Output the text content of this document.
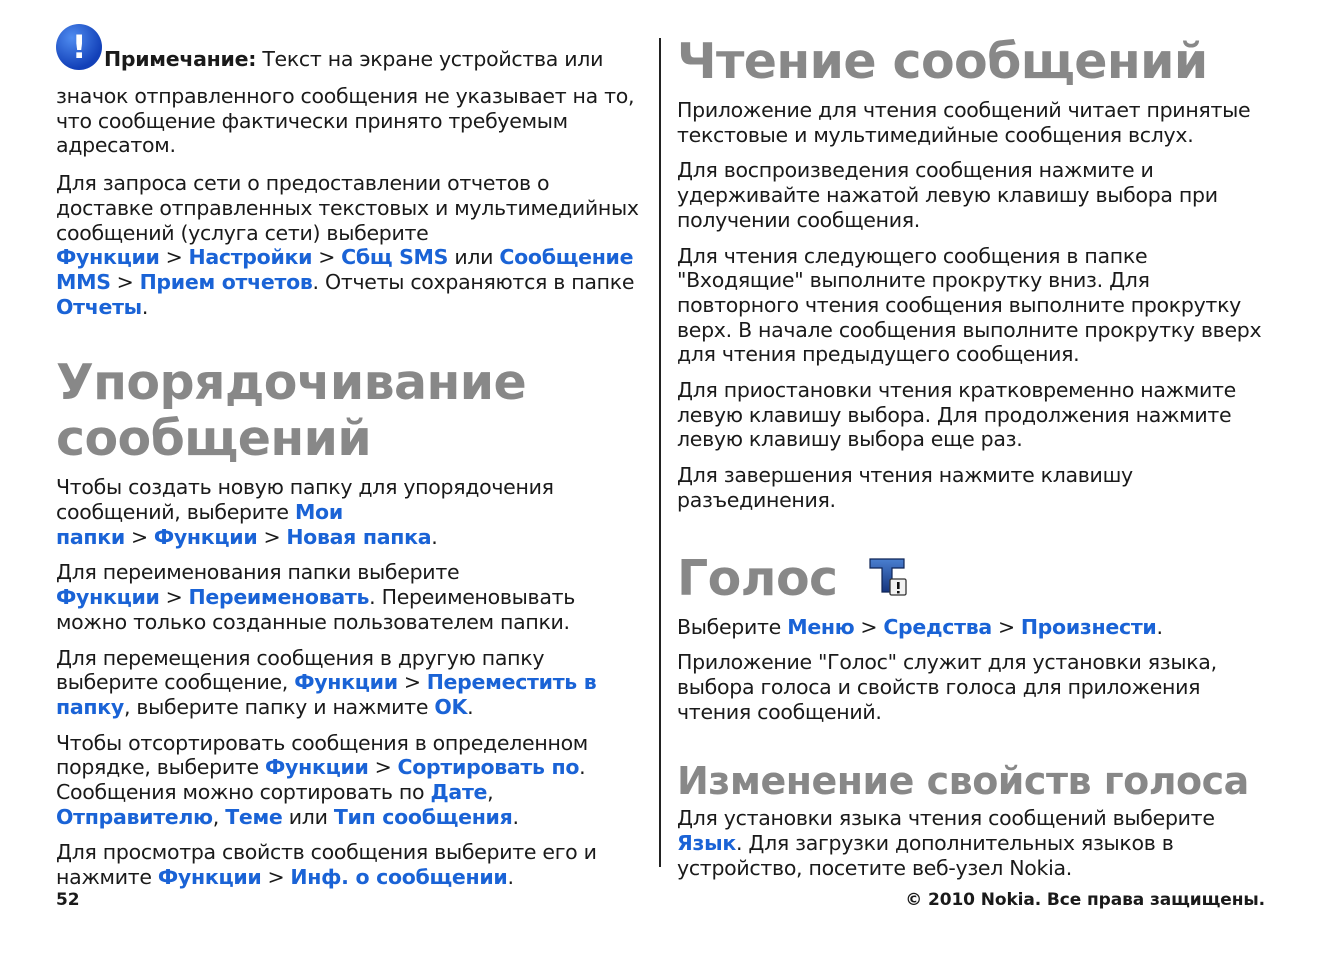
! Примечание: Текст на экране устройства или значок отправленного сообщения не указывает на то, что сообщение фактически принято требуемым адресатом.

Для запроса сети о предоставлении отчетов о доставке отправленных текстовых и мультимедийных сообщений (услуга сети) выберите Функции > Настройки > Сбщ SMS или Сообщение MMS > Прием отчетов. Отчеты сохраняются в папке Отчеты.

Упорядочивание сообщений

Чтобы создать новую папку для упорядочения сообщений, выберите Мои папки > Функции > Новая папка.

Для переименования папки выберите Функции > Переименовать. Переименовывать можно только созданные пользователем папки.

Для перемещения сообщения в другую папку выберите сообщение, Функции > Переместить в папку, выберите папку и нажмите OK.

Чтобы отсортировать сообщения в определенном порядке, выберите Функции > Сортировать по. Сообщения можно сортировать по Дате, Отправителю, Теме или Тип сообщения.

Для просмотра свойств сообщения выберите его и нажмите Функции > Инф. о сообщении.

Чтение сообщений

Приложение для чтения сообщений читает принятые текстовые и мультимедийные сообщения вслух.

Для воспроизведения сообщения нажмите и удерживайте нажатой левую клавишу выбора при получении сообщения.

Для чтения следующего сообщения в папке "Входящие" выполните прокрутку вниз. Для повторного чтения сообщения выполните прокрутку верх. В начале сообщения выполните прокрутку вверх для чтения предыдущего сообщения.

Для приостановки чтения кратковременно нажмите левую клавишу выбора. Для продолжения нажмите левую клавишу выбора еще раз.

Для завершения чтения нажмите клавишу разъединения.

Голос

Выберите Меню > Средства > Произнести.

Приложение "Голос" служит для установки языка, выбора голоса и свойств голоса для приложения чтения сообщений.

Изменение свойств голоса

Для установки языка чтения сообщений выберите Язык. Для загрузки дополнительных языков в устройство, посетите веб-узел Nokia.

52	© 2010 Nokia. Все права защищены.
